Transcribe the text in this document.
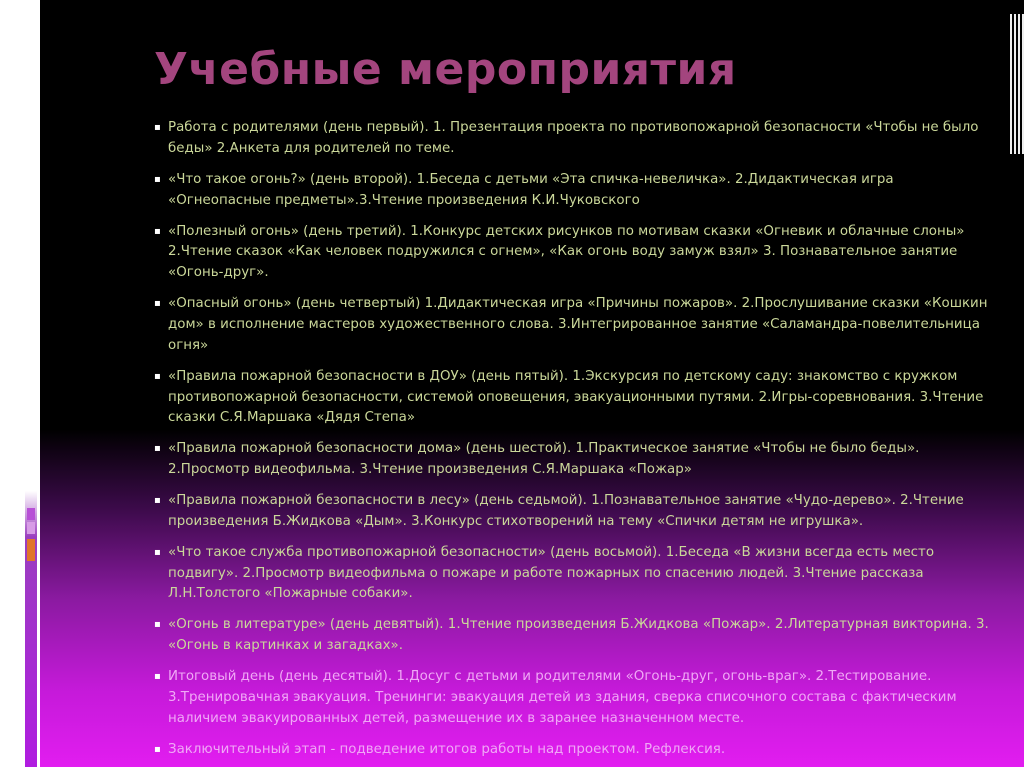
Учебные мероприятия
▪ Работа с родителями (день первый). 1. Презентация проекта по противопожарной безопасности «Чтобы не было беды» 2.Анкета для родителей по теме.
▪ «Что такое огонь?» (день второй). 1.Беседа с детьми «Эта спичка-невеличка». 2.Дидактическая игра «Огнеопасные предметы».3.Чтение произведения К.И.Чуковского
▪ «Полезный огонь» (день третий). 1.Конкурс детских рисунков по мотивам сказки «Огневик и облачные слоны» 2.Чтение сказок «Как человек подружился с огнем», «Как огонь воду замуж взял» 3. Познавательное занятие «Огонь-друг».
▪ «Опасный огонь» (день четвертый) 1.Дидактическая игра «Причины пожаров». 2.Прослушивание сказки «Кошкин дом» в исполнение мастеров художественного слова. 3.Интегрированное занятие «Саламандра-повелительница огня»
▪ «Правила пожарной безопасности в ДОУ» (день пятый). 1.Экскурсия по детскому саду: знакомство с кружком противопожарной безопасности, системой оповещения, эвакуационными путями. 2.Игры-соревнования. 3.Чтение сказки С.Я.Маршака «Дядя Степа»
▪ «Правила пожарной безопасности дома» (день шестой). 1.Практическое занятие «Чтобы не было беды». 2.Просмотр видеофильма. 3.Чтение произведения С.Я.Маршака «Пожар»
▪ «Правила пожарной безопасности в лесу» (день седьмой). 1.Познавательное занятие «Чудо-дерево». 2.Чтение произведения Б.Жидкова «Дым». 3.Конкурс стихотворений на тему «Спички детям не игрушка».
▪ «Что такое служба противопожарной безопасности» (день восьмой). 1.Беседа «В жизни всегда есть место подвигу». 2.Просмотр видеофильма о пожаре и работе пожарных по спасению людей. 3.Чтение рассказа Л.Н.Толстого «Пожарные собаки».
▪ «Огонь в литературе» (день девятый). 1.Чтение произведения Б.Жидкова «Пожар». 2.Литературная викторина. 3. «Огонь в картинках и загадках».
▪ Итоговый день (день десятый). 1.Досуг с детьми и родителями «Огонь-друг, огонь-враг». 2.Тестирование. 3.Тренировачная эвакуация. Тренинги: эвакуация детей из здания, сверка списочного состава с фактическим наличием эвакуированных детей, размещение их в заранее назначенном месте.
▪ Заключительный этап - подведение итогов работы над проектом. Рефлексия.
